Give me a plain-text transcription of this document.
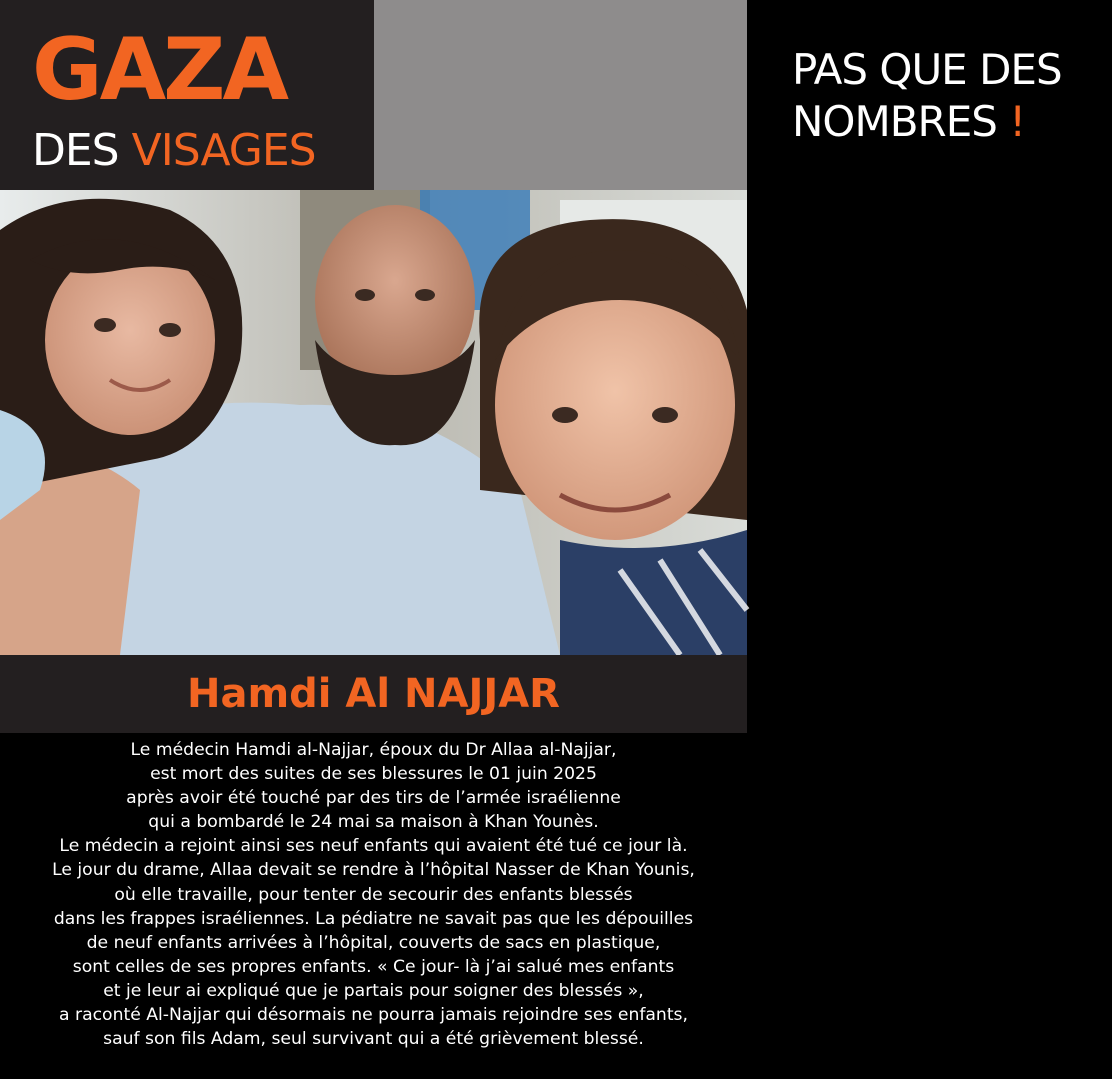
GAZA
DES VISAGES
PAS QUE DES
NOMBRES !
Hamdi Al NAJJAR
Le médecin Hamdi al-Najjar, époux du Dr Allaa al-Najjar,
est mort des suites de ses blessures le 01 juin 2025
après avoir été touché par des tirs de l’armée israélienne
qui a bombardé le 24 mai sa maison à Khan Younès.
Le médecin a rejoint ainsi ses neuf enfants qui avaient été tué ce jour là.
Le jour du drame, Allaa devait se rendre à l’hôpital Nasser de Khan Younis,
où elle travaille, pour tenter de secourir des enfants blessés
dans les frappes israéliennes. La pédiatre ne savait pas que les dépouilles
de neuf enfants arrivées à l’hôpital, couverts de sacs en plastique,
sont celles de ses propres enfants. « Ce jour- là j’ai salué mes enfants
et je leur ai expliqué que je partais pour soigner des blessés »,
a raconté Al-Najjar qui désormais ne pourra jamais rejoindre ses enfants,
sauf son fils Adam, seul survivant qui a été grièvement blessé.
